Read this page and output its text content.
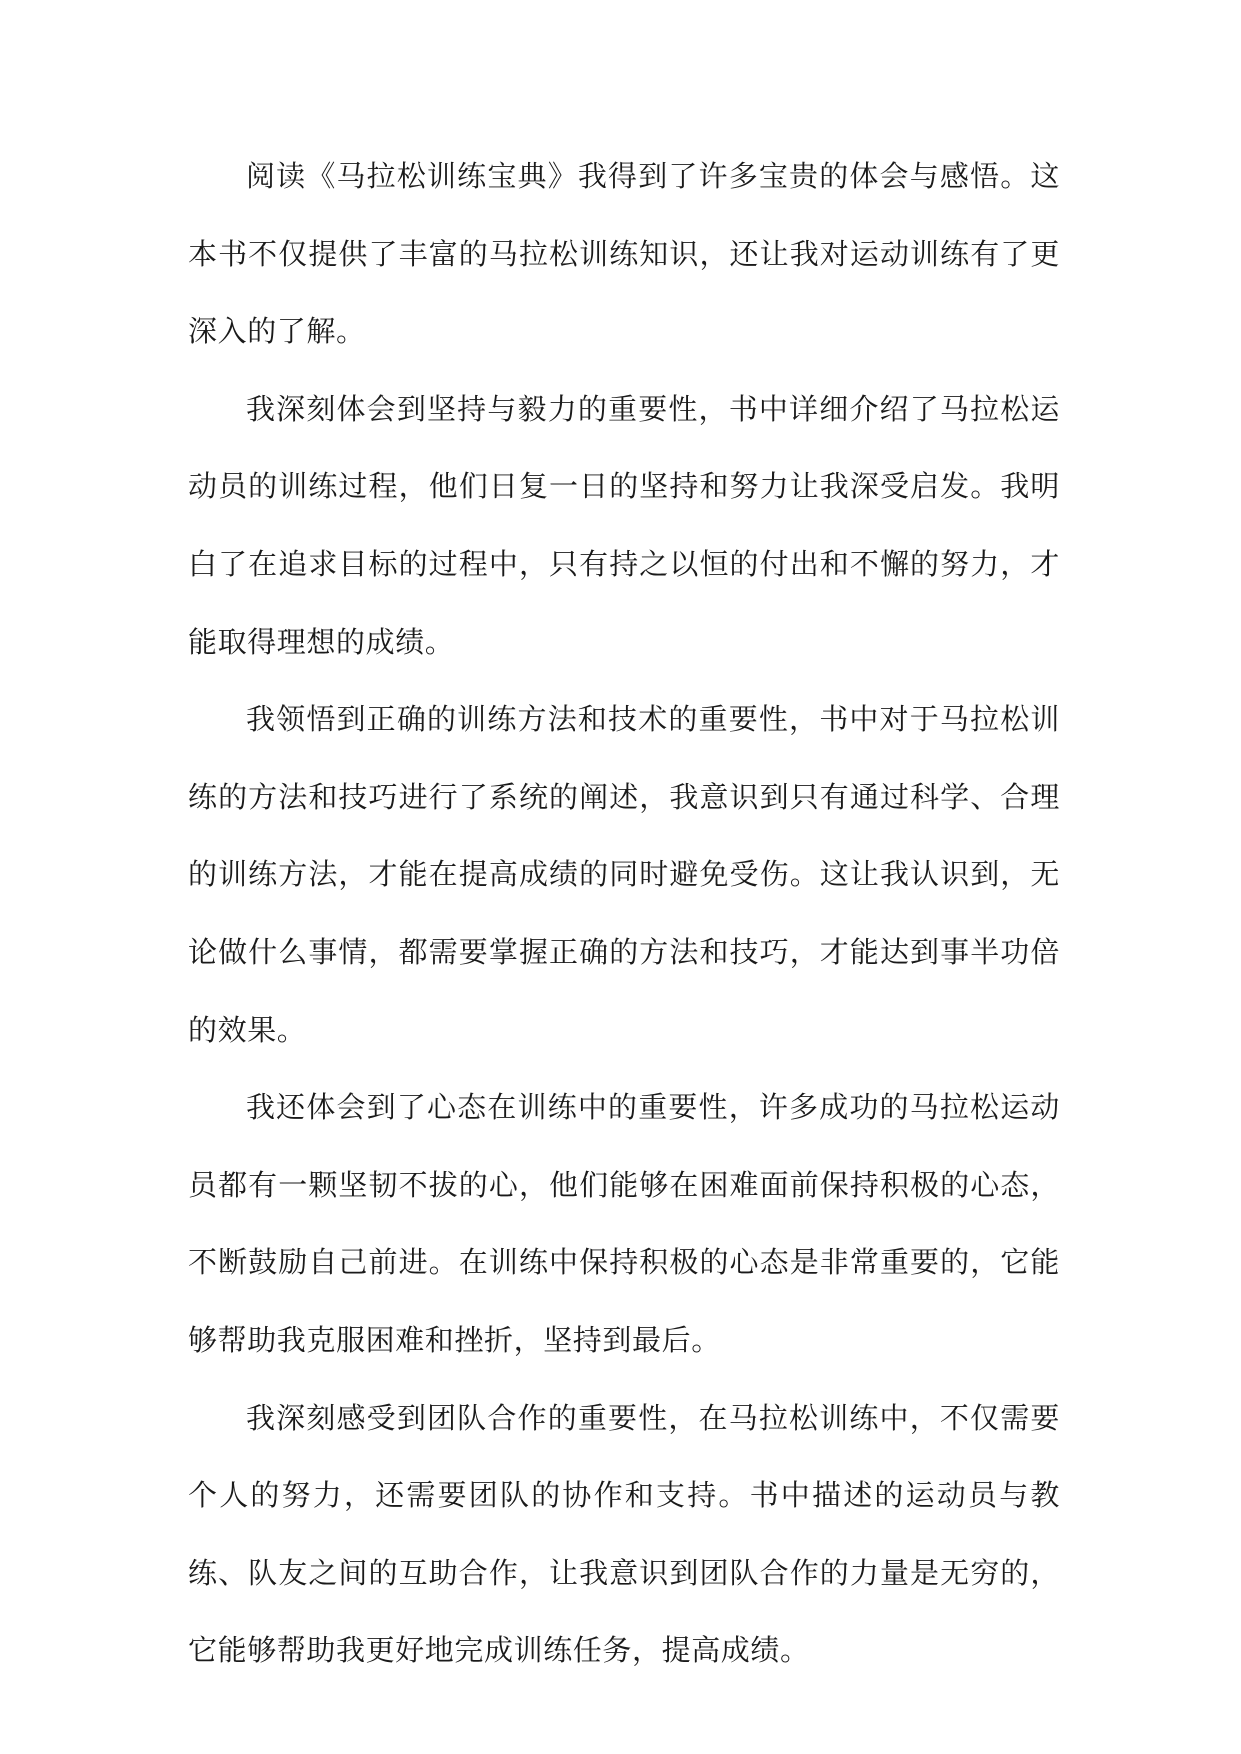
阅读《马拉松训练宝典》我得到了许多宝贵的体会与感悟。这本书不仅提供了丰富的马拉松训练知识，还让我对运动训练有了更深入的了解。

我深刻体会到坚持与毅力的重要性，书中详细介绍了马拉松运动员的训练过程，他们日复一日的坚持和努力让我深受启发。我明白了在追求目标的过程中，只有持之以恒的付出和不懈的努力，才能取得理想的成绩。

我领悟到正确的训练方法和技术的重要性，书中对于马拉松训练的方法和技巧进行了系统的阐述，我意识到只有通过科学、合理的训练方法，才能在提高成绩的同时避免受伤。这让我认识到，无论做什么事情，都需要掌握正确的方法和技巧，才能达到事半功倍的效果。

我还体会到了心态在训练中的重要性，许多成功的马拉松运动员都有一颗坚韧不拔的心，他们能够在困难面前保持积极的心态，不断鼓励自己前进。在训练中保持积极的心态是非常重要的，它能够帮助我克服困难和挫折，坚持到最后。

我深刻感受到团队合作的重要性，在马拉松训练中，不仅需要个人的努力，还需要团队的协作和支持。书中描述的运动员与教练、队友之间的互助合作，让我意识到团队合作的力量是无穷的，它能够帮助我更好地完成训练任务，提高成绩。
